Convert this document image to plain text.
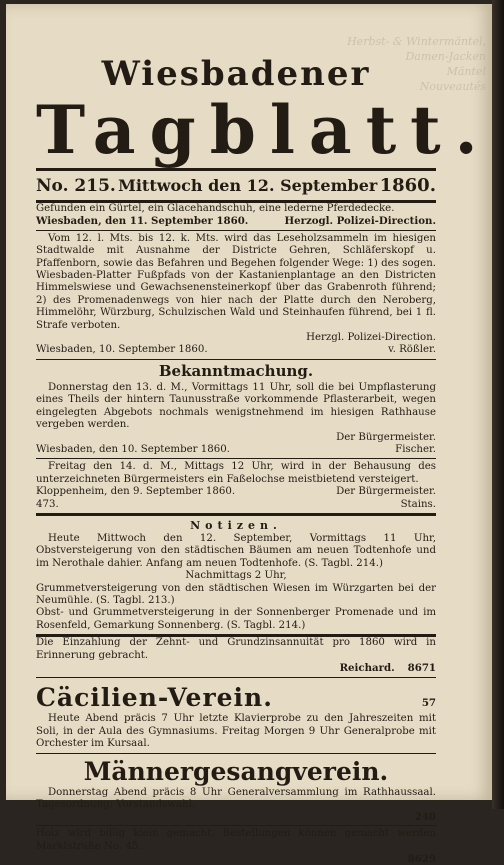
Herbst- & Wintermäntel,
Damen-Jacken
Mäntel
Nouveautés
Wiesbadener
Tagblatt.
No. 215. Mittwoch den 12. September 1860.

Gefunden ein Gürtel, ein Glacehandschuh, eine lederne Pferdedecke.

Wiesbaden, den 11. September 1860.	Herzogl. Polizei-Direction.

Vom 12. l. Mts. bis 12. k. Mts. wird das Leseholzsammeln im hiesigen Stadtwalde mit Ausnahme der Districte Gehren, Schläferskopf u. Pfaffenborn, sowie das Befahren und Begehen folgender Wege: 1) des sogen. Wiesbaden-Platter Fußpfads von der Kastanienplantage an den Districten Himmelswiese und Gewachsenensteinerkopf über das Grabenroth führend; 2) des Promenadenwegs von hier nach der Platte durch den Neroberg, Himmelöhr, Würzburg, Schulzischen Wald und Steinhaufen führend, bei 1 fl. Strafe verboten.

Herzgl. Polizei-Direction.
Wiesbaden, 10. September 1860.	v. Rößler.
Bekanntmachung.

Donnerstag den 13. d. M., Vormittags 11 Uhr, soll die bei Umpflasterung eines Theils der hintern Taunusstraße vorkommende Pflasterarbeit, wegen eingelegten Abgebots nochmals wenigstnehmend im hiesigen Rathhause vergeben werden.

Der Bürgermeister.
Wiesbaden, den 10. September 1860.	Fischer.

Freitag den 14. d. M., Mittags 12 Uhr, wird in der Behausung des unterzeichneten Bürgermeisters ein Faßelochse meistbietend versteigert.

Kloppenheim, den 9. September 1860.	Der Bürgermeister.
473.	Stains.
Notizen.

Heute Mittwoch den 12. September, Vormittags 11 Uhr, Obstversteigerung von den städtischen Bäumen am neuen Todtenhofe und im Nerothale dahier. Anfang am neuen Todtenhofe. (S. Tagbl. 214.)

Nachmittags 2 Uhr,

Grummetversteigerung von den städtischen Wiesen im Würzgarten bei der Neumühle. (S. Tagbl. 213.)

Obst- und Grummetversteigerung in der Sonnenberger Promenade und im Rosenfeld, Gemarkung Sonnenberg. (S. Tagbl. 214.)

Die Einzahlung der Zehnt- und Grundzinsannuität pro 1860 wird in Erinnerung gebracht.

Reichard. 8671
Cäcilien-Verein.	57

Heute Abend präcis 7 Uhr letzte Klavierprobe zu den Jahreszeiten mit Soli, in der Aula des Gymnasiums. Freitag Morgen 9 Uhr Generalprobe mit Orchester im Kursaal.

Männergesangverein.

Donnerstag Abend präcis 8 Uhr Generalversammlung im Rathhaussaal. Tagesordnung: Vorstandswahl.

240

Holz wird billig klein gemacht. Bestellungen können gemacht werden Marktstraße No. 45.

8629
